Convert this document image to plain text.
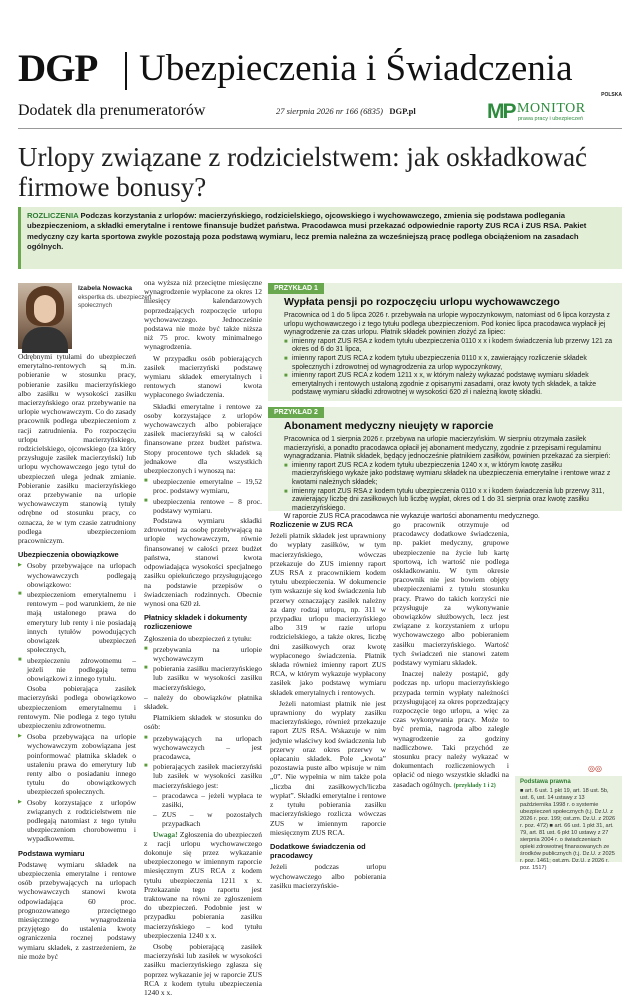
DGP Ubezpieczenia i Świadczenia
Dodatek dla prenumeratorów	27 sierpnia 2026 nr 166 (6835) DGP.pl
POLSKA
MP MONITOR
prawa pracy i ubezpieczeń
Urlopy związane z rodzicielstwem: jak oskładkować firmowe bonusy?
ROZLICZENIA Podczas korzystania z urlopów: macierzyńskiego, rodzicielskiego, ojcowskiego i wychowawczego, zmienia się podstawa podlegania ubezpieczeniom, a składki emerytalne i rentowe finansuje budżet państwa. Pracodawca musi przekazać odpowiednie raporty ZUS RCA i ZUS RSA. Pakiet medyczny czy karta sportowa zwykle pozostają poza podstawą wymiaru, lecz premia należna za wcześniejszą pracę podlega obciążeniom na zasadach ogólnych.
Izabela Nowacka
ekspertka ds. ubezpieczeń społecznych

Odrębnymi tytułami do ubezpieczeń emerytalno-rentowych są m.in. pobieranie w stosunku pracy, pobieranie zasiłku macierzyńskiego albo zasiłku w wysokości zasiłku macierzyńskiego oraz przebywanie na urlopie wychowawczym. Co do zasady pracownik podlega ubezpieczeniom z racji zatrudnienia. Po rozpoczęciu urlopu macierzyńskiego, rodzicielskiego, ojcowskiego (za który przysługuje zasiłek macierzyński) lub urlopu wychowawczego jego tytuł do ubezpieczeń ulega jednak zmianie. Pobieranie zasiłku macierzyńskiego oraz przebywanie na urlopie wychowawczym stanowią tytuły odrębne od stosunku pracy, co oznacza, że w tym czasie zatrudniony podlega ubezpieczeniom pracowniczym.

Ubezpieczenia obowiązkowe
▶ Osoby przebywające na urlopach wychowawczych podlegają obowiązkowo:
■ ubezpieczeniom emerytalnemu i rentowym – pod warunkiem, że nie mają ustalonego prawa do emerytury lub renty i nie posiadają innych tytułów powodujących obowiązek ubezpieczeń społecznych,
■ ubezpieczeniu zdrowotnemu – jeżeli nie podlegają temu obowiązkowi z innego tytułu.

Osoba pobierająca zasiłek macierzyński podlega obowiązkowo ubezpieczeniom emerytalnemu i rentowym. Nie podlega z tego tytułu ubezpieczeniu zdrowotnemu.

▶ Osoba przebywająca na urlopie wychowawczym zobowiązana jest poinformować płatnika składek o ustaleniu prawa do emerytury lub renty albo o posiadaniu innego tytułu do obowiązkowych ubezpieczeń społecznych.
▶ Osoby korzystające z urlopów związanych z rodzicielstwem nie podlegają natomiast z tego tytułu ubezpieczeniom chorobowemu i wypadkowemu.
Podstawa wymiaru

Podstawę wymiaru składek na ubezpieczenia emerytalne i rentowe osób przebywających na urlopach wychowawczych stanowi kwota odpowiadająca 60 proc. prognozowanego przeciętnego miesięcznego wynagrodzenia przyjętego do ustalenia kwoty ograniczenia rocznej podstawy wymiaru składek, z zastrzeżeniem, że nie może być

ona wyższa niż przeciętne miesięczne wynagrodzenie wypłacone za okres 12 miesięcy kalendarzowych poprzedzających rozpoczęcie urlopu wychowawczego. Jednocześnie podstawa nie może być także niższa niż 75 proc. kwoty minimalnego wynagrodzenia.

W przypadku osób pobierających zasiłek macierzyński podstawę wymiaru składek emerytalnych i rentowych stanowi kwota wypłaconego świadczenia.

Składki emerytalne i rentowe za osoby korzystające z urlopów wychowawczych albo pobierające zasiłek macierzyński są w całości finansowane przez budżet państwa. Stopy procentowe tych składek są jednakowe dla wszystkich ubezpieczonych i wynoszą na:

■ ubezpieczenie emerytalne – 19,52 proc. podstawy wymiaru,
■ ubezpieczenia rentowe – 8 proc. podstawy wymiaru.

Podstawa wymiaru składki zdrowotnej za osobę przebywającą na urlopie wychowawczym, równie finansowanej w całości przez budżet państwa, stanowi kwota odpowiadająca wysokości specjalnego zasiłku opiekuńczego przysługującego na podstawie przepisów o świadczeniach rodzinnych. Obecnie wynosi ona 620 zł.

Płatnicy składek i dokumenty rozliczeniowe

Zgłoszenia do ubezpieczeń z tytułu:

■ przebywania na urlopie wychowawczym
■ pobierania zasiłku macierzyńskiego lub zasiłku w wysokości zasiłku macierzyńskiego,

– należy do obowiązków płatnika składek.

Płatnikiem składek w stosunku do osób:

■ przebywających na urlopach wychowawczych – jest pracodawca,
■ pobierających zasiłek macierzyński lub zasiłek w wysokości zasiłku macierzyńskiego jest:
– pracodawca – jeżeli wypłaca te zasiłki,
– ZUS – w pozostałych przypadkach

Uwaga! Zgłoszenia do ubezpieczeń z racji urlopu wychowawczego dokonuje się przez wykazanie ubezpieczonego w imiennym raporcie miesięcznym ZUS RCA z kodem tytułu ubezpieczenia 1211 x x. Przekazanie tego raportu jest traktowane na równi ze zgłoszeniem do ubezpieczeń. Podobnie jest w przypadku pobierania zasiłku macierzyńskiego – kod tytułu ubezpieczenia 1240 x x.

Osobę pobierającą zasiłek macierzyński lub zasiłek w wysokości zasiłku macierzyńskiego zgłasza się poprzez wykazanie jej w raporcie ZUS RCA z kodem tytułu ubezpieczenia 1240 x x.

PRZYKŁAD 1
Wypłata pensji po rozpoczęciu urlopu wychowawczego

Pracownica od 1 do 5 lipca 2026 r. przebywała na urlopie wypoczynkowym, natomiast od 6 lipca korzysta z urlopu wychowawczego i z tego tytułu podlega ubezpieczeniom. Pod koniec lipca pracodawca wypłacił jej wynagrodzenie za czas urlopu. Płatnik składek powinien złożyć za lipiec:

■ imienny raport ZUS RSA z kodem tytułu ubezpieczenia 0110 x x i kodem świadczenia lub przerwy 121 za okres od 6 do 31 lipca,
■ imienny raport ZUS RCA z kodem tytułu ubezpieczenia 0110 x x, zawierający rozliczenie składek społecznych i zdrowotnej od wynagrodzenia za urlop wypoczynkowy,
■ imienny raport ZUS RCA z kodem 1211 x x, w którym należy wykazać podstawę wymiaru składek emerytalnych i rentowych ustaloną zgodnie z opisanymi zasadami, oraz kwoty tych składek, a także podstawę wymiaru składki zdrowotnej w wysokości 620 zł i należną kwotę składki.
PRZYKŁAD 2
Abonament medyczny nieujęty w raporcie

Pracownica od 1 sierpnia 2026 r. przebywa na urlopie macierzyńskim. W sierpniu otrzymała zasiłek macierzyński, a ponadto pracodawca opłacił jej abonament medyczny, zgodnie z przepisami regulaminu wynagradzania. Płatnik składek, będący jednocześnie płatnikiem zasiłków, powinien przekazać za sierpień:

■ imienny raport ZUS RCA z kodem tytułu ubezpieczenia 1240 x x, w którym kwotę zasiłku macierzyńskiego wykaże jako podstawę wymiaru składek na ubezpieczenia emerytalne i rentowe wraz z kwotami należnych składek;
■ imienny raport ZUS RSA z kodem tytułu ubezpieczenia 0110 x x i kodem świadczenia lub przerwy 311, zawierający liczbę dni zasiłkowych lub liczbę wypłat, okres od 1 do 31 sierpnia oraz kwotę zasiłku macierzyńskiego.

W raporcie ZUS RCA pracodawca nie wykazuje wartości abonamentu medycznego.

Rozliczenie w ZUS RCA

Jeżeli płatnik składek jest uprawniony do wypłaty zasiłków, w tym macierzyńskiego, wówczas przekazuje do ZUS imienny raport ZUS RSA z pracownikiem kodem tytułu ubezpieczenia. W dokumencie tym wskazuje się kod świadczenia lub przerwy oznaczający zasiłek należny za dany rodzaj urlopu, np. 311 w przypadku urlopu macierzyńskiego albo 319 w razie urlopu rodzicielskiego, a także okres, liczbę dni zasiłkowych oraz kwotę wypłaconego świadczenia. Płatnik składa również imienny raport ZUS RCA, w którym wykazuje wypłacony zasiłek jako podstawę wymiaru składek emerytalnych i rentowych.

Jeżeli natomiast płatnik nie jest uprawniony do wypłaty zasiłku macierzyńskiego, również przekazuje raport ZUS RSA. Wskazuje w nim jedynie właściwy kod świadczenia lub przerwy oraz okres przerwy w opłacaniu składek. Pole „kwota” pozostawia puste albo wpisuje w nim „0”. Nie wypełnia w nim także pola „liczba dni zasiłkowych/liczba wypłat”. Składki emerytalne i rentowe z tytułu pobierania zasiłku macierzyńskiego rozlicza wówczas ZUS w imiennym raporcie miesięcznym ZUS RCA.

Dodatkowe świadczenia od pracodawcy

Jeżeli podczas urlopu wychowawczego albo pobierania zasiłku macierzyńskie-

go pracownik otrzymuje od pracodawcy dodatkowe świadczenia, np. pakiet medyczny, grupowe ubezpieczenie na życie lub kartę sportową, ich wartość nie podlega oskładkowaniu. W tym okresie pracownik nie jest bowiem objęty ubezpieczeniami z tytułu stosunku pracy. Prawo do takich korzyści nie przysługuje za wykonywanie obowiązków służbowych, lecz jest związane z korzystaniem z urlopu wychowawczego albo pobieraniem zasiłku macierzyńskiego. Wartość tych świadczeń nie stanowi zatem podstawy wymiaru składek.

Inaczej należy postąpić, gdy podczas np. urlopu macierzyńskiego przypada termin wypłaty należności przysługującej za okres poprzedzający rozpoczęcie tego urlopu, a więc za czas wykonywania pracy. Może to być premia, nagroda albo zaległe wynagrodzenie za godziny nadliczbowe. Taki przychód ze stosunku pracy należy wykazać w dokumentach rozliczeniowych i opłacić od niego wszystkie składki na zasadach ogólnych. (przykłady 1 i 2)

◎◎
Podstawa prawna
■ art. 6 ust. 1 pkt 19, art. 18 ust. 5b, ust. 6, ust. 14 ustawy z 13 października 1998 r. o systemie ubezpieczeń społecznych (t.j. Dz.U. z 2026 r. poz. 199; ost.zm. Dz.U. z 2026 r. poz. 472) ■ art. 66 ust. 1 pkt 31, art. 79, art. 81 ust. 6 pkt 10 ustawy z 27 sierpnia 2004 r. o świadczeniach opieki zdrowotnej finansowanych ze środków publicznych (t.j. Dz.U. z 2025 r. poz. 1461; ost.zm. Dz.U. z 2026 r. poz. 1517)
